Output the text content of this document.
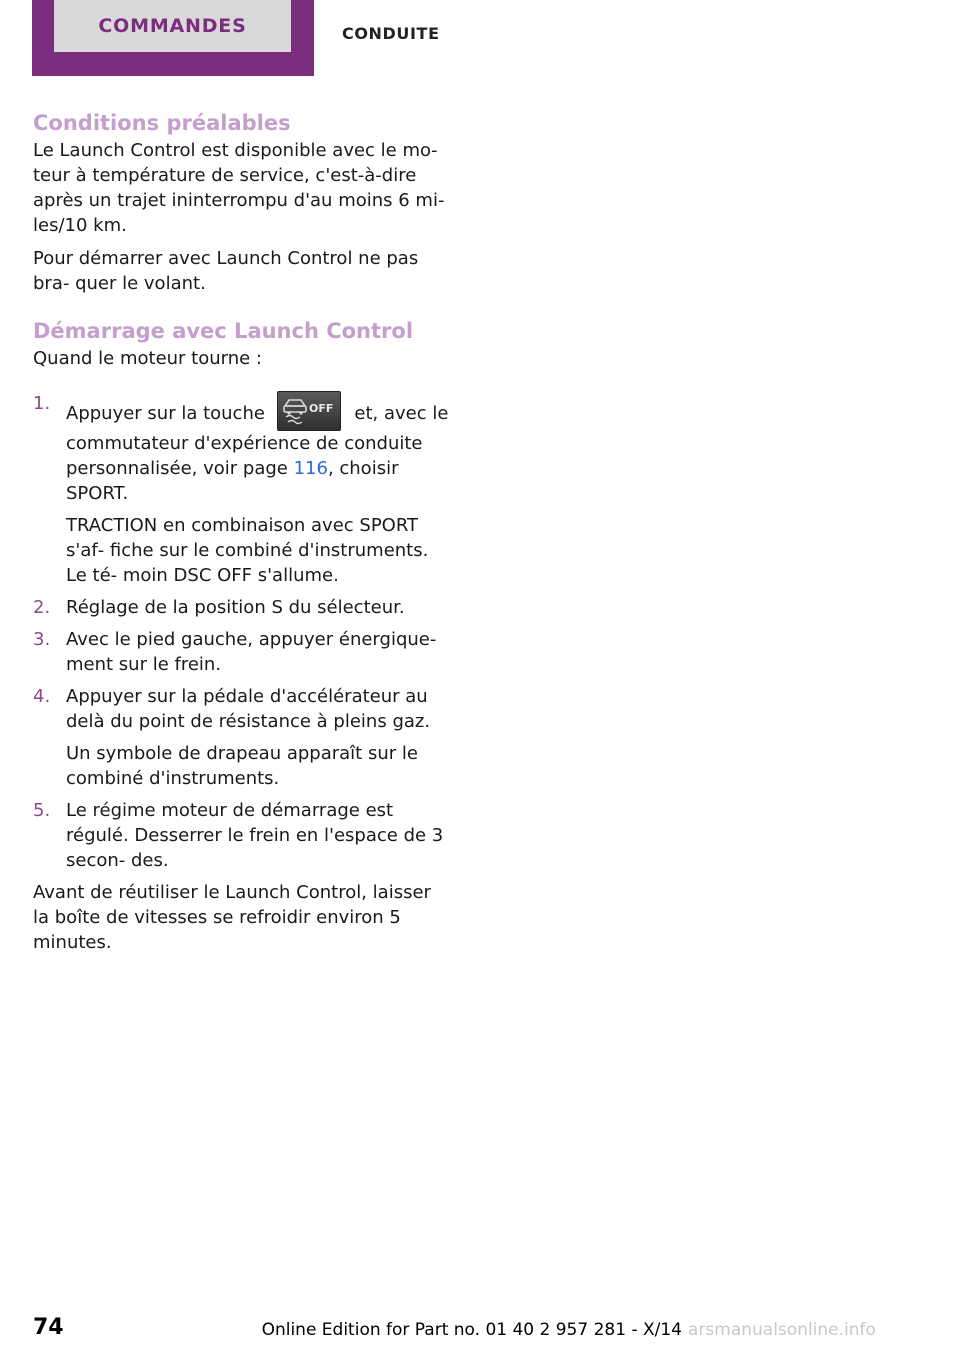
COMMANDES	CONDUITE
Conditions préalables

Le Launch Control est disponible avec le mo‐ teur à température de service, c'est-à-dire après un trajet ininterrompu d'au moins 6 mi‐ les/10 km.

Pour démarrer avec Launch Control ne pas bra‐ quer le volant.

Démarrage avec Launch Control

Quand le moteur tourne :

1. Appuyer sur la touche	OFF et, avec le commutateur d'expérience de conduite personnalisée, voir page 116, choisir SPORT.
TRACTION en combinaison avec SPORT s'af‐ fiche sur le combiné d'instruments. Le té‐ moin DSC OFF s'allume.
2. Réglage de la position S du sélecteur.
3. Avec le pied gauche, appuyer énergique‐ ment sur le frein.
4. Appuyer sur la pédale d'accélérateur au delà du point de résistance à pleins gaz.
Un symbole de drapeau apparaît sur le combiné d'instruments.
5. Le régime moteur de démarrage est régulé. Desserrer le frein en l'espace de 3 secon‐ des.

Avant de réutiliser le Launch Control, laisser la boîte de vitesses se refroidir environ 5 minutes.

74	Online Edition for Part no. 01 40 2 957 281 - X/14 arsmanualsonline.info
